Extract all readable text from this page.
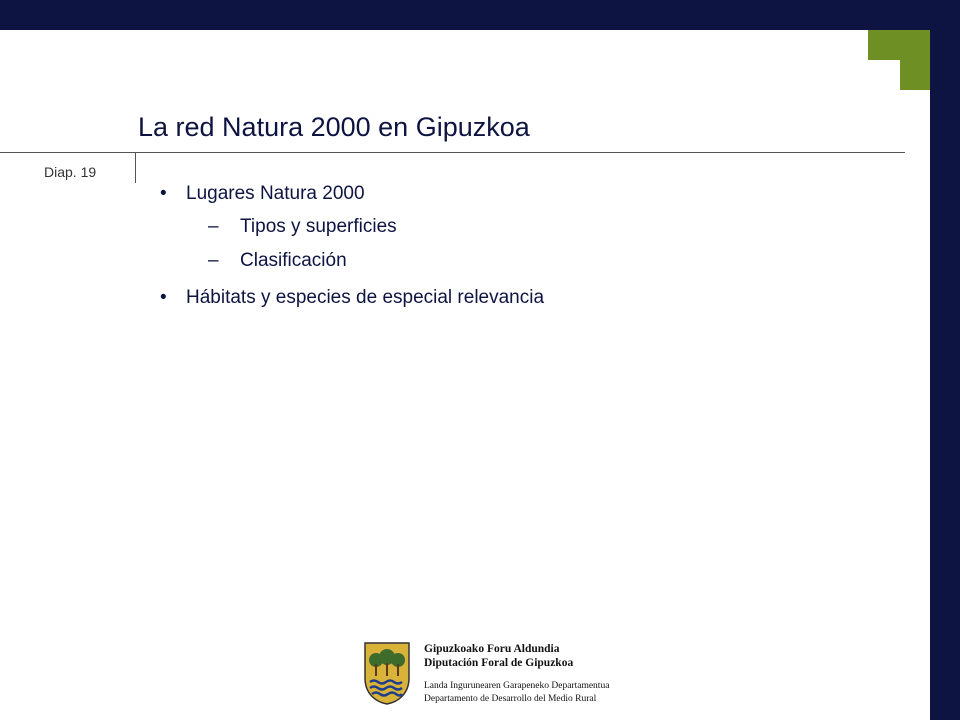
La red Natura 2000 en Gipuzkoa
Diap. 19
•	Lugares Natura 2000
–	Tipos y superficies
–	Clasificación
•	Hábitats y especies de especial relevancia
Gipuzkoako Foru Aldundia
Diputación Foral de Gipuzkoa
Landa Ingurunearen Garapeneko Departamentua
Departamento de Desarrollo del Medio Rural
